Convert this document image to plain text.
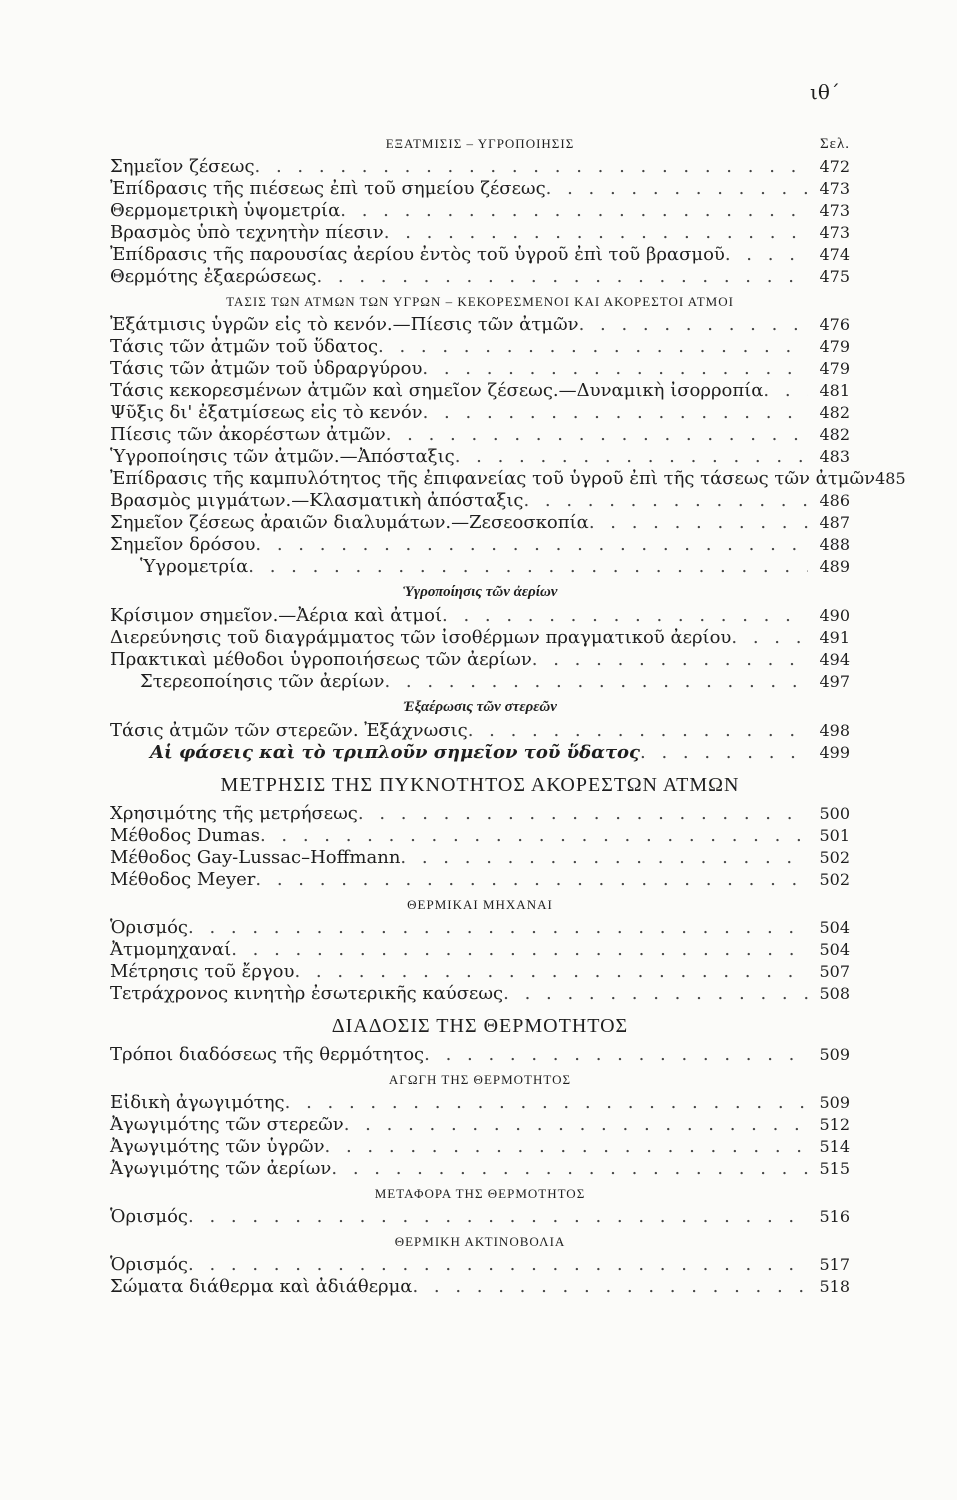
ιθ´
ΕΞΑΤΜΙΣΙΣ – ΥΓΡΟΠΟΙΗΣΙΣ	Σελ.
Σημεῖον ζέσεως . . .	472
Ἐπίδρασις τῆς πιέσεως ἐπὶ τοῦ σημείου ζέσεως . . .	473
Θερμομετρικὴ ὑψομετρία . . .	473
Βρασμὸς ὑπὸ τεχνητὴν πίεσιν . . .	473
Ἐπίδρασις τῆς παρουσίας ἀερίου ἐντὸς τοῦ ὑγροῦ ἐπὶ τοῦ βρασμοῦ . . .	474
Θερμότης ἐξαερώσεως . . .	475
ΤΑΣΙΣ ΤΩΝ ΑΤΜΩΝ ΤΩΝ ΥΓΡΩΝ – ΚΕΚΟΡΕΣΜΕΝΟΙ ΚΑΙ ΑΚΟΡΕΣΤΟΙ ΑΤΜΟΙ
Ἐξάτμισις ὑγρῶν εἰς τὸ κενόν.—Πίεσις τῶν ἀτμῶν . . .	476
Τάσις τῶν ἀτμῶν τοῦ ὕδατος . . .	479
Τάσις τῶν ἀτμῶν τοῦ ὑδραργύρου . . .	479
Τάσις κεκορεσμένων ἀτμῶν καὶ σημεῖον ζέσεως.—Δυναμικὴ ἰσορροπία . . .	481
Ψῦξις δι' ἐξατμίσεως εἰς τὸ κενόν . . .	482
Πίεσις τῶν ἀκορέστων ἀτμῶν . . .	482
Ὑγροποίησις τῶν ἀτμῶν.—Ἀπόσταξις . . .	483
Ἐπίδρασις τῆς καμπυλότητος τῆς ἐπιφανείας τοῦ ὑγροῦ ἐπὶ τῆς τάσεως τῶν ἀτμῶν 485
Βρασμὸς μιγμάτων.—Κλασματικὴ ἀπόσταξις . . .	486
Σημεῖον ζέσεως ἀραιῶν διαλυμάτων.—Ζεσεοσκοπία . . .	487
Σημεῖον δρόσου . . .	488
Ὑγρομετρία . . .	489
Ὑγροποίησις τῶν ἀερίων
Κρίσιμον σημεῖον.—Ἀέρια καὶ ἀτμοί . . .	490
Διερεύνησις τοῦ διαγράμματος τῶν ἰσοθέρμων πραγματικοῦ ἀερίου . . .	491
Πρακτικαὶ μέθοδοι ὑγροποιήσεως τῶν ἀερίων . . .	494
Στερεοποίησις τῶν ἀερίων . . .	497
Ἐξαέρωσις τῶν στερεῶν
Τάσις ἀτμῶν τῶν στερεῶν. Ἐξάχνωσις . . .	498
Αἱ φάσεις καὶ τὸ τριπλοῦν σημεῖον τοῦ ὕδατος . . .	499
ΜΕΤΡΗΣΙΣ ΤΗΣ ΠΥΚΝΟΤΗΤΟΣ ΑΚΟΡΕΣΤΩΝ ΑΤΜΩΝ
Χρησιμότης τῆς μετρήσεως . . .	500
Μέθοδος Dumas . . .	501
Μέθοδος Gay-Lussac–Hoffmann . . .	502
Μέθοδος Meyer . . .	502
ΘΕΡΜΙΚΑΙ ΜΗΧΑΝΑΙ
Ὁρισμός . . .	504
Ἀτμομηχαναί . . .	504
Μέτρησις τοῦ ἔργου . . .	507
Τετράχρονος κινητὴρ ἐσωτερικῆς καύσεως . . .	508
ΔΙΑΔΟΣΙΣ ΤΗΣ ΘΕΡΜΟΤΗΤΟΣ
Τρόποι διαδόσεως τῆς θερμότητος . . .	509
ΑΓΩΓΗ ΤΗΣ ΘΕΡΜΟΤΗΤΟΣ
Εἰδικὴ ἀγωγιμότης . . .	509
Ἀγωγιμότης τῶν στερεῶν . . .	512
Ἀγωγιμότης τῶν ὑγρῶν . . .	514
Ἀγωγιμότης τῶν ἀερίων . . .	515
ΜΕΤΑΦΟΡΑ ΤΗΣ ΘΕΡΜΟΤΗΤΟΣ
Ὁρισμός . . .	516
ΘΕΡΜΙΚΗ ΑΚΤΙΝΟΒΟΛΙΑ
Ὁρισμός . . .	517
Σώματα διάθερμα καὶ ἀδιάθερμα . . .	518
